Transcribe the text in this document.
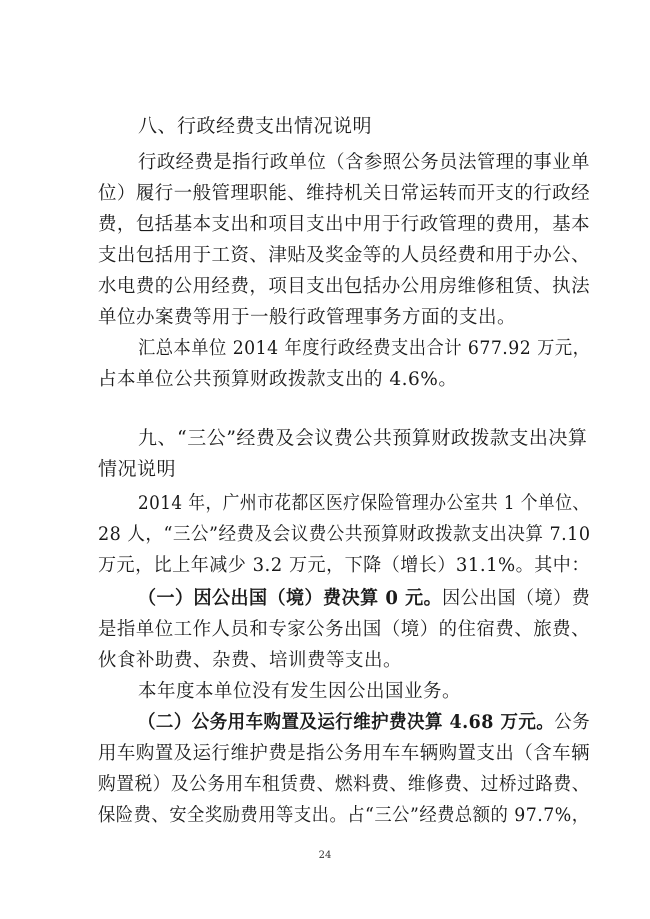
八、行政经费支出情况说明
行政经费是指行政单位（含参照公务员法管理的事业单
位）履行一般管理职能、维持机关日常运转而开支的行政经
费，包括基本支出和项目支出中用于行政管理的费用，基本
支出包括用于工资、津贴及奖金等的人员经费和用于办公、
水电费的公用经费，项目支出包括办公用房维修租赁、执法
单位办案费等用于一般行政管理事务方面的支出。
汇总本单位 2014 年度行政经费支出合计 677.92 万元，
占本单位公共预算财政拨款支出的 4.6%。
九、“三公”经费及会议费公共预算财政拨款支出决算
情况说明
2014 年，广州市花都区医疗保险管理办公室共 1 个单位、
28 人，“三公”经费及会议费公共预算财政拨款支出决算 7.10
万元，比上年减少 3.2 万元，下降（增长）31.1%。其中：
（一）因公出国（境）费决算 0 元。因公出国（境）费
是指单位工作人员和专家公务出国（境）的住宿费、旅费、
伙食补助费、杂费、培训费等支出。
本年度本单位没有发生因公出国业务。
（二）公务用车购置及运行维护费决算 4.68 万元。公务
用车购置及运行维护费是指公务用车车辆购置支出（含车辆
购置税）及公务用车租赁费、燃料费、维修费、过桥过路费、
保险费、安全奖励费用等支出。占“三公”经费总额的 97.7%，
24
